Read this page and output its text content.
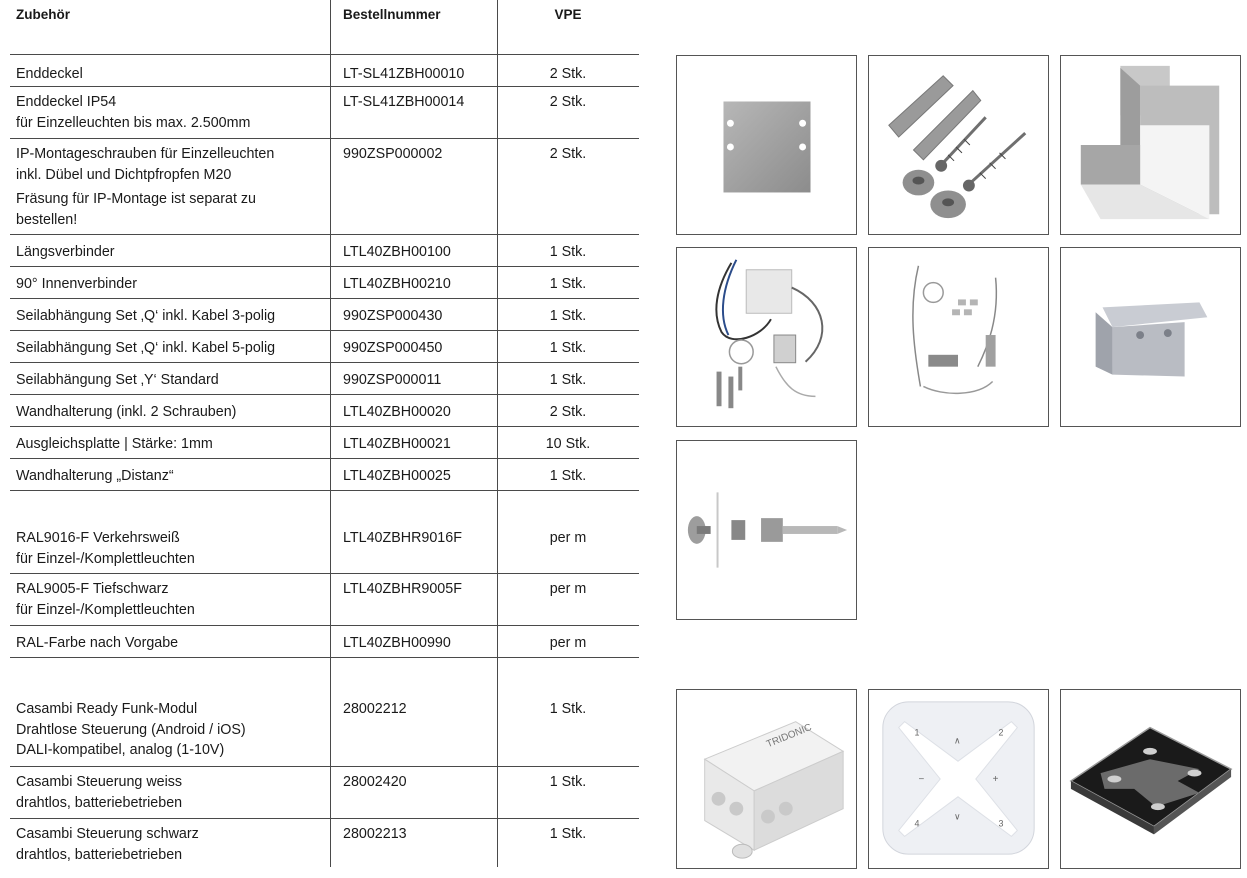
Zubehör	Bestellnummer	VPE
Enddeckel	LT-SL41ZBH00010	2 Stk.
Enddeckel IP54
für Einzelleuchten bis max. 2.500mm
LT-SL41ZBH00014	2 Stk.
IP-Montageschrauben für Einzelleuchten
inkl. Dübel und Dichtpfropfen M20
Fräsung für IP-Montage ist separat zu
bestellen!
990ZSP000002	2 Stk.
Längsverbinder	LTL40ZBH00100	1 Stk.
90° Innenverbinder	LTL40ZBH00210	1 Stk.
Seilabhängung Set ‚Q‘ inkl. Kabel 3-polig	990ZSP000430	1 Stk.
Seilabhängung Set ‚Q‘ inkl. Kabel 5-polig	990ZSP000450	1 Stk.
Seilabhängung Set ‚Y‘ Standard	990ZSP000011	1 Stk.
Wandhalterung (inkl. 2 Schrauben)	LTL40ZBH00020	2 Stk.
Ausgleichsplatte | Stärke: 1mm	LTL40ZBH00021	10 Stk.
Wandhalterung „Distanz“	LTL40ZBH00025	1 Stk.
RAL9016-F Verkehrsweiß
für Einzel-/Komplettleuchten
LTL40ZBHR9016F	per m
RAL9005-F Tiefschwarz
für Einzel-/Komplettleuchten
LTL40ZBHR9005F	per m
RAL-Farbe nach Vorgabe	LTL40ZBH00990	per m
Casambi Ready Funk-Modul
Drahtlose Steuerung (Android / iOS)
DALI-kompatibel, analog (1-10V)
28002212	1 Stk.
Casambi Steuerung weiss
drahtlos, batteriebetrieben
28002420	1 Stk.
Casambi Steuerung schwarz
drahtlos, batteriebetrieben
28002213	1 Stk.
TRIDONIC	1	2
3
4
∧
∨
−	+
